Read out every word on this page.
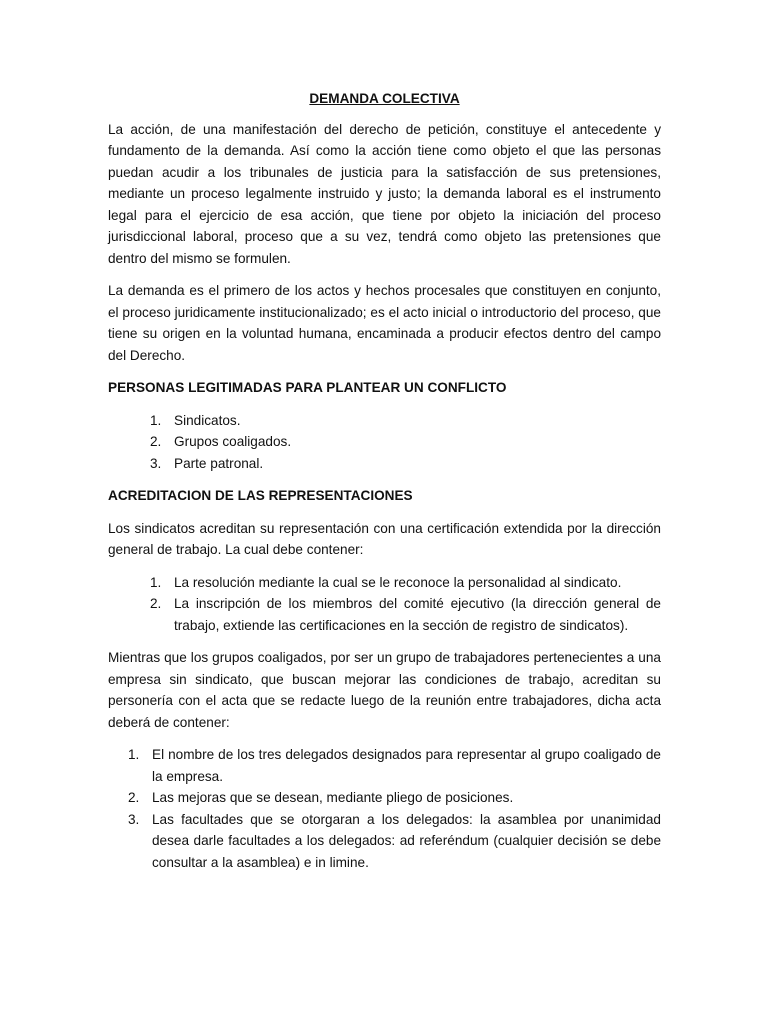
DEMANDA COLECTIVA

La acción, de una manifestación del derecho de petición, constituye el antecedente y fundamento de la demanda. Así como la acción tiene como objeto el que las personas puedan acudir a los tribunales de justicia para la satisfacción de sus pretensiones, mediante un proceso legalmente instruido y justo; la demanda laboral es el instrumento legal para el ejercicio de esa acción, que tiene por objeto la iniciación del proceso jurisdiccional laboral, proceso que a su vez, tendrá como objeto las pretensiones que dentro del mismo se formulen.

La demanda es el primero de los actos y hechos procesales que constituyen en conjunto, el proceso juridicamente institucionalizado; es el acto inicial o introductorio del proceso, que tiene su origen en la voluntad humana, encaminada a producir efectos dentro del campo del Derecho.

PERSONAS LEGITIMADAS PARA PLANTEAR UN CONFLICTO
1. Sindicatos.
2. Grupos coaligados.
3. Parte patronal.
ACREDITACION DE LAS REPRESENTACIONES

Los sindicatos acreditan su representación con una certificación extendida por la dirección general de trabajo. La cual debe contener:

1. La resolución mediante la cual se le reconoce la personalidad al sindicato.
2. La inscripción de los miembros del comité ejecutivo (la dirección general de trabajo, extiende las certificaciones en la sección de registro de sindicatos).

Mientras que los grupos coaligados, por ser un grupo de trabajadores pertenecientes a una empresa sin sindicato, que buscan mejorar las condiciones de trabajo, acreditan su personería con el acta que se redacte luego de la reunión entre trabajadores, dicha acta deberá de contener:

1. El nombre de los tres delegados designados para representar al grupo coaligado de la empresa.
2. Las mejoras que se desean, mediante pliego de posiciones.
3. Las facultades que se otorgaran a los delegados: la asamblea por unanimidad desea darle facultades a los delegados: ad referéndum (cualquier decisión se debe consultar a la asamblea) e in limine.
